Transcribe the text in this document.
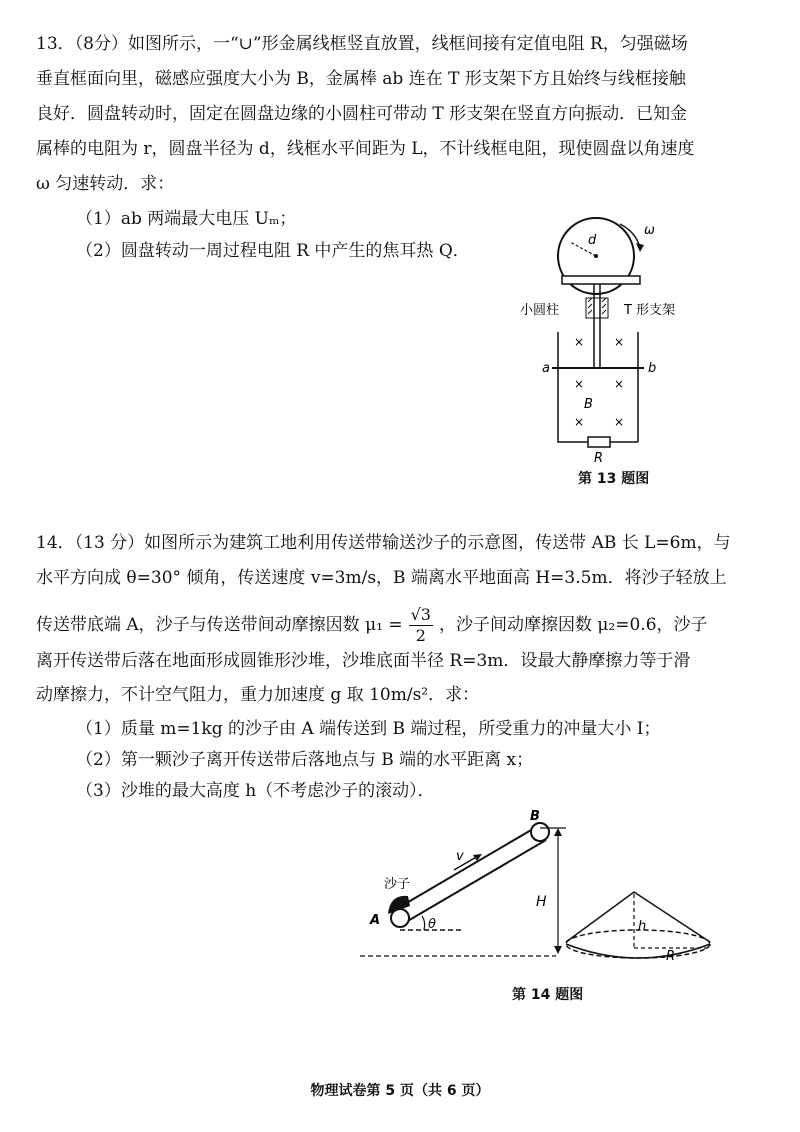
13．（8分）如图所示，一“∪”形金属线框竖直放置，线框间接有定值电阻 R，匀强磁场
垂直框面向里，磁感应强度大小为 B，金属棒 ab 连在 T 形支架下方且始终与线框接触
良好．圆盘转动时，固定在圆盘边缘的小圆柱可带动 T 形支架在竖直方向振动．已知金
属棒的电阻为 r，圆盘半径为 d，线框水平间距为 L，不计线框电阻，现使圆盘以角速度
ω 匀速转动．求：
（1）ab 两端最大电压 Uₘ；
（2）圆盘转动一周过程电阻 R 中产生的焦耳热 Q．
d
ω
小圆柱	T 形支架
R
a	b
× ×
× ×
× ×
B
第 13 题图
14．（13 分）如图所示为建筑工地利用传送带输送沙子的示意图，传送带 AB 长 L=6m，与
水平方向成 θ=30° 倾角，传送速度 v=3m/s，B 端离水平地面高 H=3.5m．将沙子轻放上
传送带底端 A，沙子与传送带间动摩擦因数 $\mu_1 = \frac{√3}{2}$ ，沙子间动摩擦因数 μ₂=0.6，沙子
离开传送带后落在地面形成圆锥形沙堆，沙堆底面半径 R=3m．设最大静摩擦力等于滑
动摩擦力，不计空气阻力，重力加速度 g 取 10m/s²．求：
（1）质量 m=1kg 的沙子由 A 端传送到 B 端过程，所受重力的冲量大小 I；
（2）第一颗沙子离开传送带后落地点与 B 端的水平距离 x；
（3）沙堆的最大高度 h（不考虑沙子的滚动）．
沙子
A
B
v
θ
H
h
R
第 14 题图
物理试卷第 5 页（共 6 页）
